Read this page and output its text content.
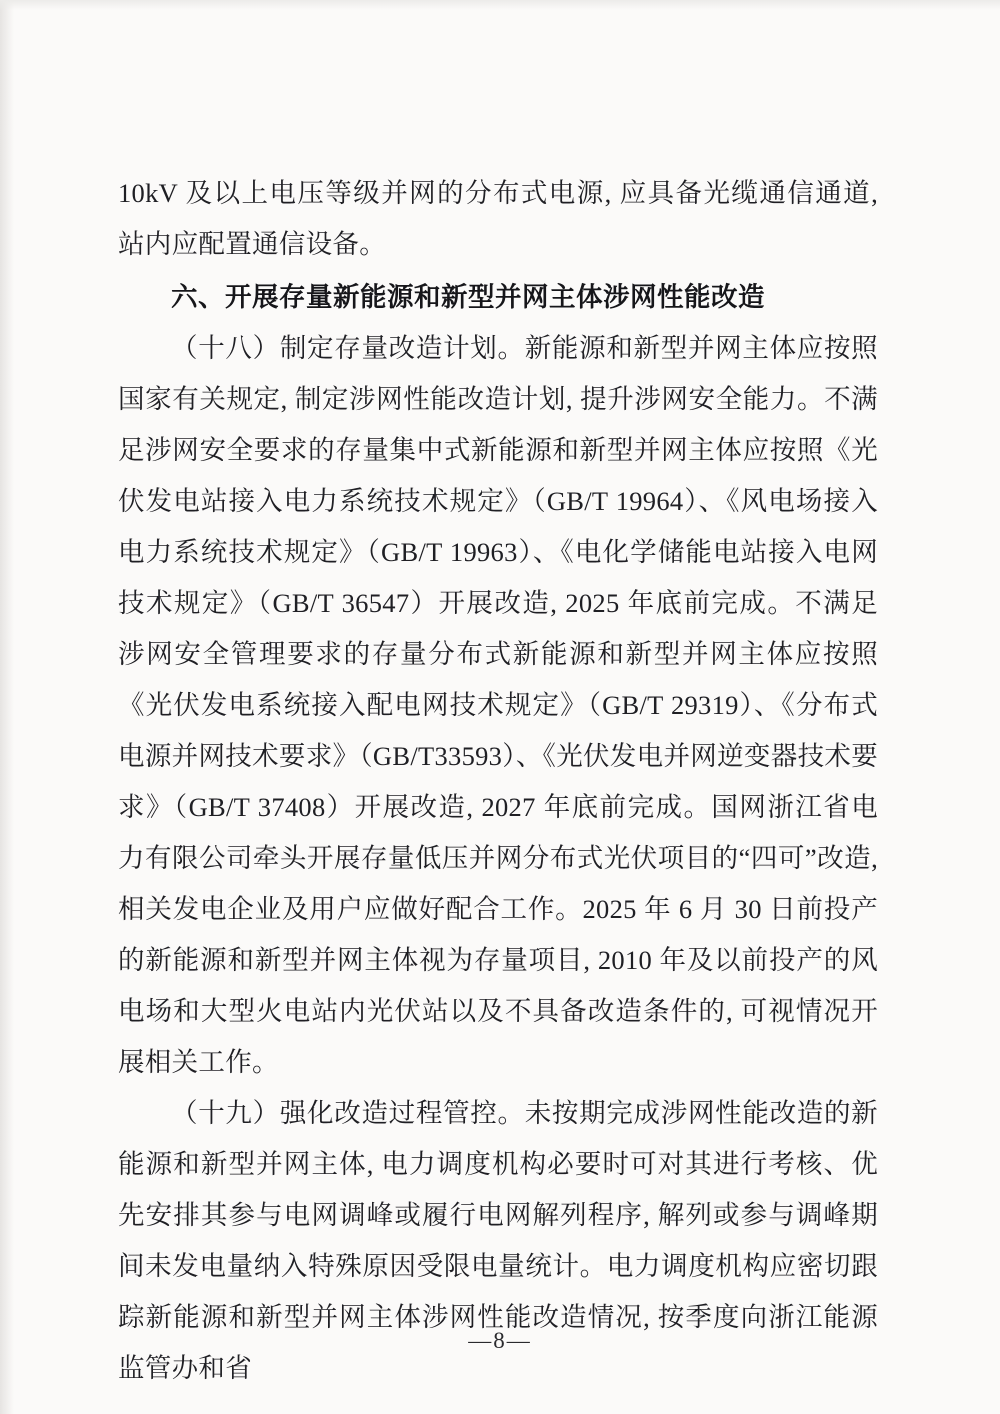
10kV 及以上电压等级并网的分布式电源, 应具备光缆通信通道, 站内应配置通信设备。

六、开展存量新能源和新型并网主体涉网性能改造

（十八）制定存量改造计划。新能源和新型并网主体应按照国家有关规定, 制定涉网性能改造计划, 提升涉网安全能力。不满足涉网安全要求的存量集中式新能源和新型并网主体应按照《光伏发电站接入电力系统技术规定》（GB/T 19964）、《风电场接入电力系统技术规定》（GB/T 19963）、《电化学储能电站接入电网技术规定》（GB/T 36547）开展改造, 2025 年底前完成。不满足涉网安全管理要求的存量分布式新能源和新型并网主体应按照《光伏发电系统接入配电网技术规定》（GB/T 29319）、《分布式电源并网技术要求》（GB/T33593）、《光伏发电并网逆变器技术要求》（GB/T 37408）开展改造, 2027 年底前完成。国网浙江省电力有限公司牵头开展存量低压并网分布式光伏项目的“四可”改造, 相关发电企业及用户应做好配合工作。2025 年 6 月 30 日前投产的新能源和新型并网主体视为存量项目, 2010 年及以前投产的风电场和大型火电站内光伏站以及不具备改造条件的, 可视情况开展相关工作。

（十九）强化改造过程管控。未按期完成涉网性能改造的新能源和新型并网主体, 电力调度机构必要时可对其进行考核、优先安排其参与电网调峰或履行电网解列程序, 解列或参与调峰期间未发电量纳入特殊原因受限电量统计。电力调度机构应密切跟踪新能源和新型并网主体涉网性能改造情况, 按季度向浙江能源监管办和省

—8—
